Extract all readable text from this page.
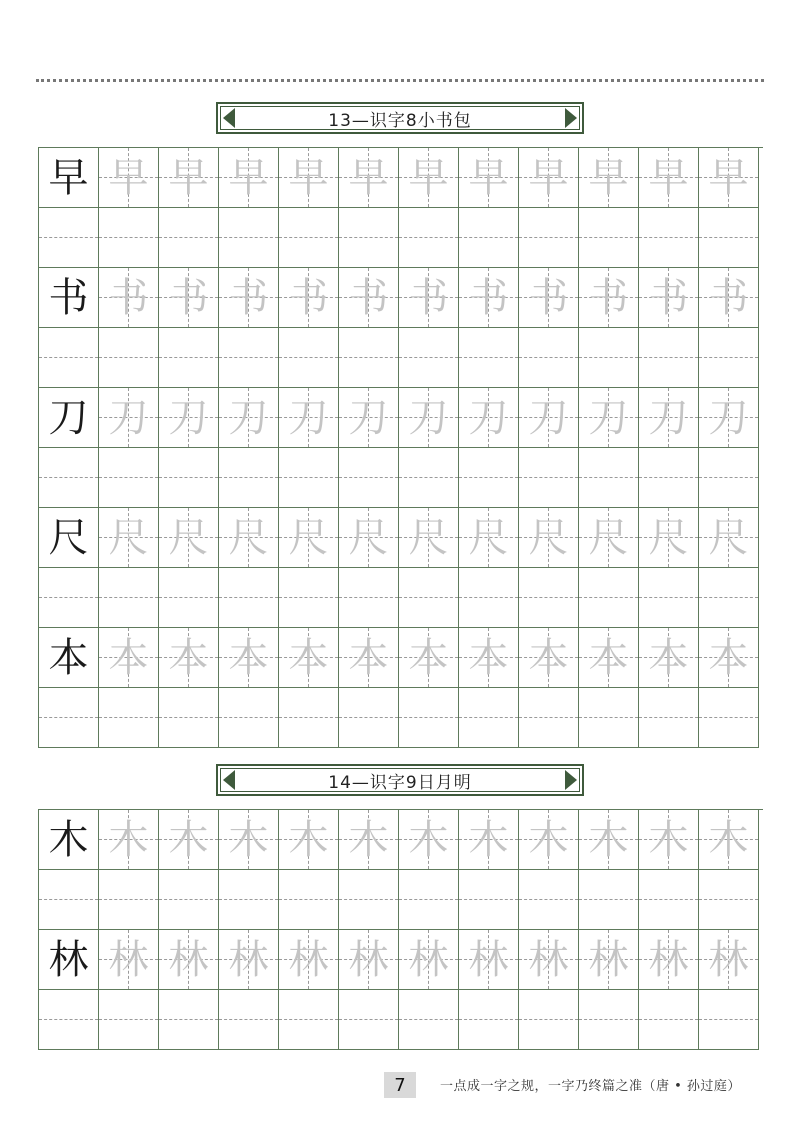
13—识字8小书包
早 早 早 早 早 早 早 早 早 早 早 早
书 书 书 书 书 书 书 书 书 书 书 书
刀 刀 刀 刀 刀 刀 刀 刀 刀 刀 刀 刀
尺 尺 尺 尺 尺 尺 尺 尺 尺 尺 尺 尺
本 本 本 本 本 本 本 本 本 本 本 本
14—识字9日月明
木 木 木 木 木 木 木 木 木 木 木 木
林 林 林 林 林 林 林 林 林 林 林 林
7	一点成一字之规，一字乃终篇之准（唐 • 孙过庭）
